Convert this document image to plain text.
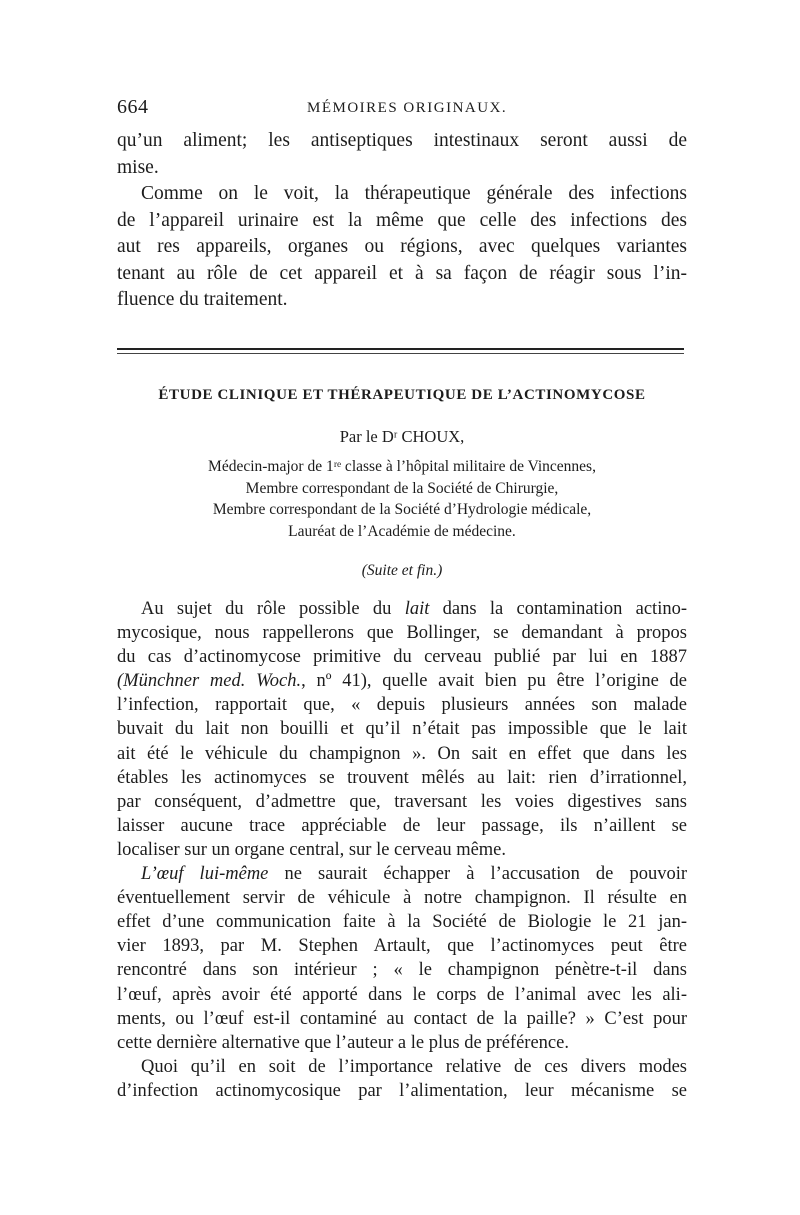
664	MÉMOIRES ORIGINAUX.
qu’un aliment; les antiseptiques intestinaux seront aussi de
mise.
Comme on le voit, la thérapeutique générale des infections
de l’appareil urinaire est la même que celle des infections des
aut res appareils, organes ou régions, avec quelques variantes
tenant au rôle de cet appareil et à sa façon de réagir sous l’in-
fluence du traitement.
ÉTUDE CLINIQUE ET THÉRAPEUTIQUE DE L’ACTINOMYCOSE
Par le Dʳ CHOUX,
Médecin-major de 1ʳᵉ classe à l’hôpital militaire de Vincennes,
Membre correspondant de la Société de Chirurgie,
Membre correspondant de la Société d’Hydrologie médicale,
Lauréat de l’Académie de médecine.
(Suite et fin.)
Au sujet du rôle possible du lait dans la contamination actino-
mycosique, nous rappellerons que Bollinger, se demandant à propos
du cas d’actinomycose primitive du cerveau publié par lui en 1887
(Münchner med. Woch., nº 41), quelle avait bien pu être l’origine de
l’infection, rapportait que, « depuis plusieurs années son malade
buvait du lait non bouilli et qu’il n’était pas impossible que le lait
ait été le véhicule du champignon ». On sait en effet que dans les
étables les actinomyces se trouvent mêlés au lait: rien d’irrationnel,
par conséquent, d’admettre que, traversant les voies digestives sans
laisser aucune trace appréciable de leur passage, ils n’aillent se
localiser sur un organe central, sur le cerveau même.
L’œuf lui-même ne saurait échapper à l’accusation de pouvoir
éventuellement servir de véhicule à notre champignon. Il résulte en
effet d’une communication faite à la Société de Biologie le 21 jan-
vier 1893, par M. Stephen Artault, que l’actinomyces peut être
rencontré dans son intérieur ; « le champignon pénètre-t-il dans
l’œuf, après avoir été apporté dans le corps de l’animal avec les ali-
ments, ou l’œuf est-il contaminé au contact de la paille? » C’est pour
cette dernière alternative que l’auteur a le plus de préférence.
Quoi qu’il en soit de l’importance relative de ces divers modes
d’infection actinomycosique par l’alimentation, leur mécanisme se
